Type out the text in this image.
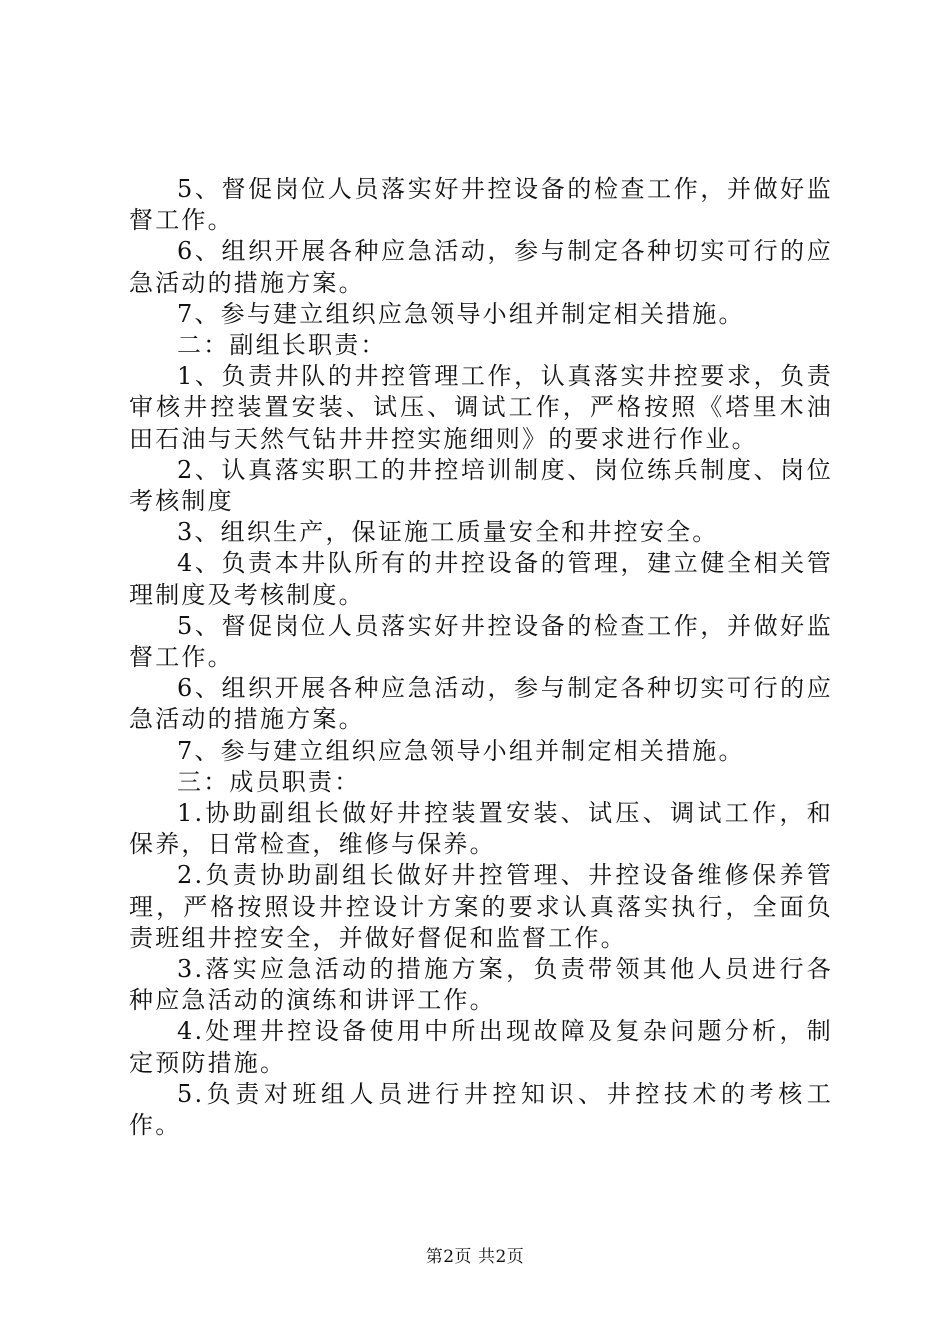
5、督促岗位人员落实好井控设备的检查工作，并做好监督工作。

6、组织开展各种应急活动，参与制定各种切实可行的应急活动的措施方案。

7、参与建立组织应急领导小组并制定相关措施。

二：副组长职责：

1、负责井队的井控管理工作，认真落实井控要求，负责审核井控装置安装、试压、调试工作，严格按照《塔里木油田石油与天然气钻井井控实施细则》的要求进行作业。

2、认真落实职工的井控培训制度、岗位练兵制度、岗位考核制度

3、组织生产，保证施工质量安全和井控安全。

4、负责本井队所有的井控设备的管理，建立健全相关管理制度及考核制度。

5、督促岗位人员落实好井控设备的检查工作，并做好监督工作。

6、组织开展各种应急活动，参与制定各种切实可行的应急活动的措施方案。

7、参与建立组织应急领导小组并制定相关措施。

三：成员职责：

1.协助副组长做好井控装置安装、试压、调试工作，和保养，日常检查，维修与保养。

2.负责协助副组长做好井控管理、井控设备维修保养管理，严格按照设井控设计方案的要求认真落实执行，全面负责班组井控安全，并做好督促和监督工作。

3.落实应急活动的措施方案，负责带领其他人员进行各种应急活动的演练和讲评工作。

4.处理井控设备使用中所出现故障及复杂问题分析，制定预防措施。

5.负责对班组人员进行井控知识、井控技术的考核工作。

第2页 共2页
